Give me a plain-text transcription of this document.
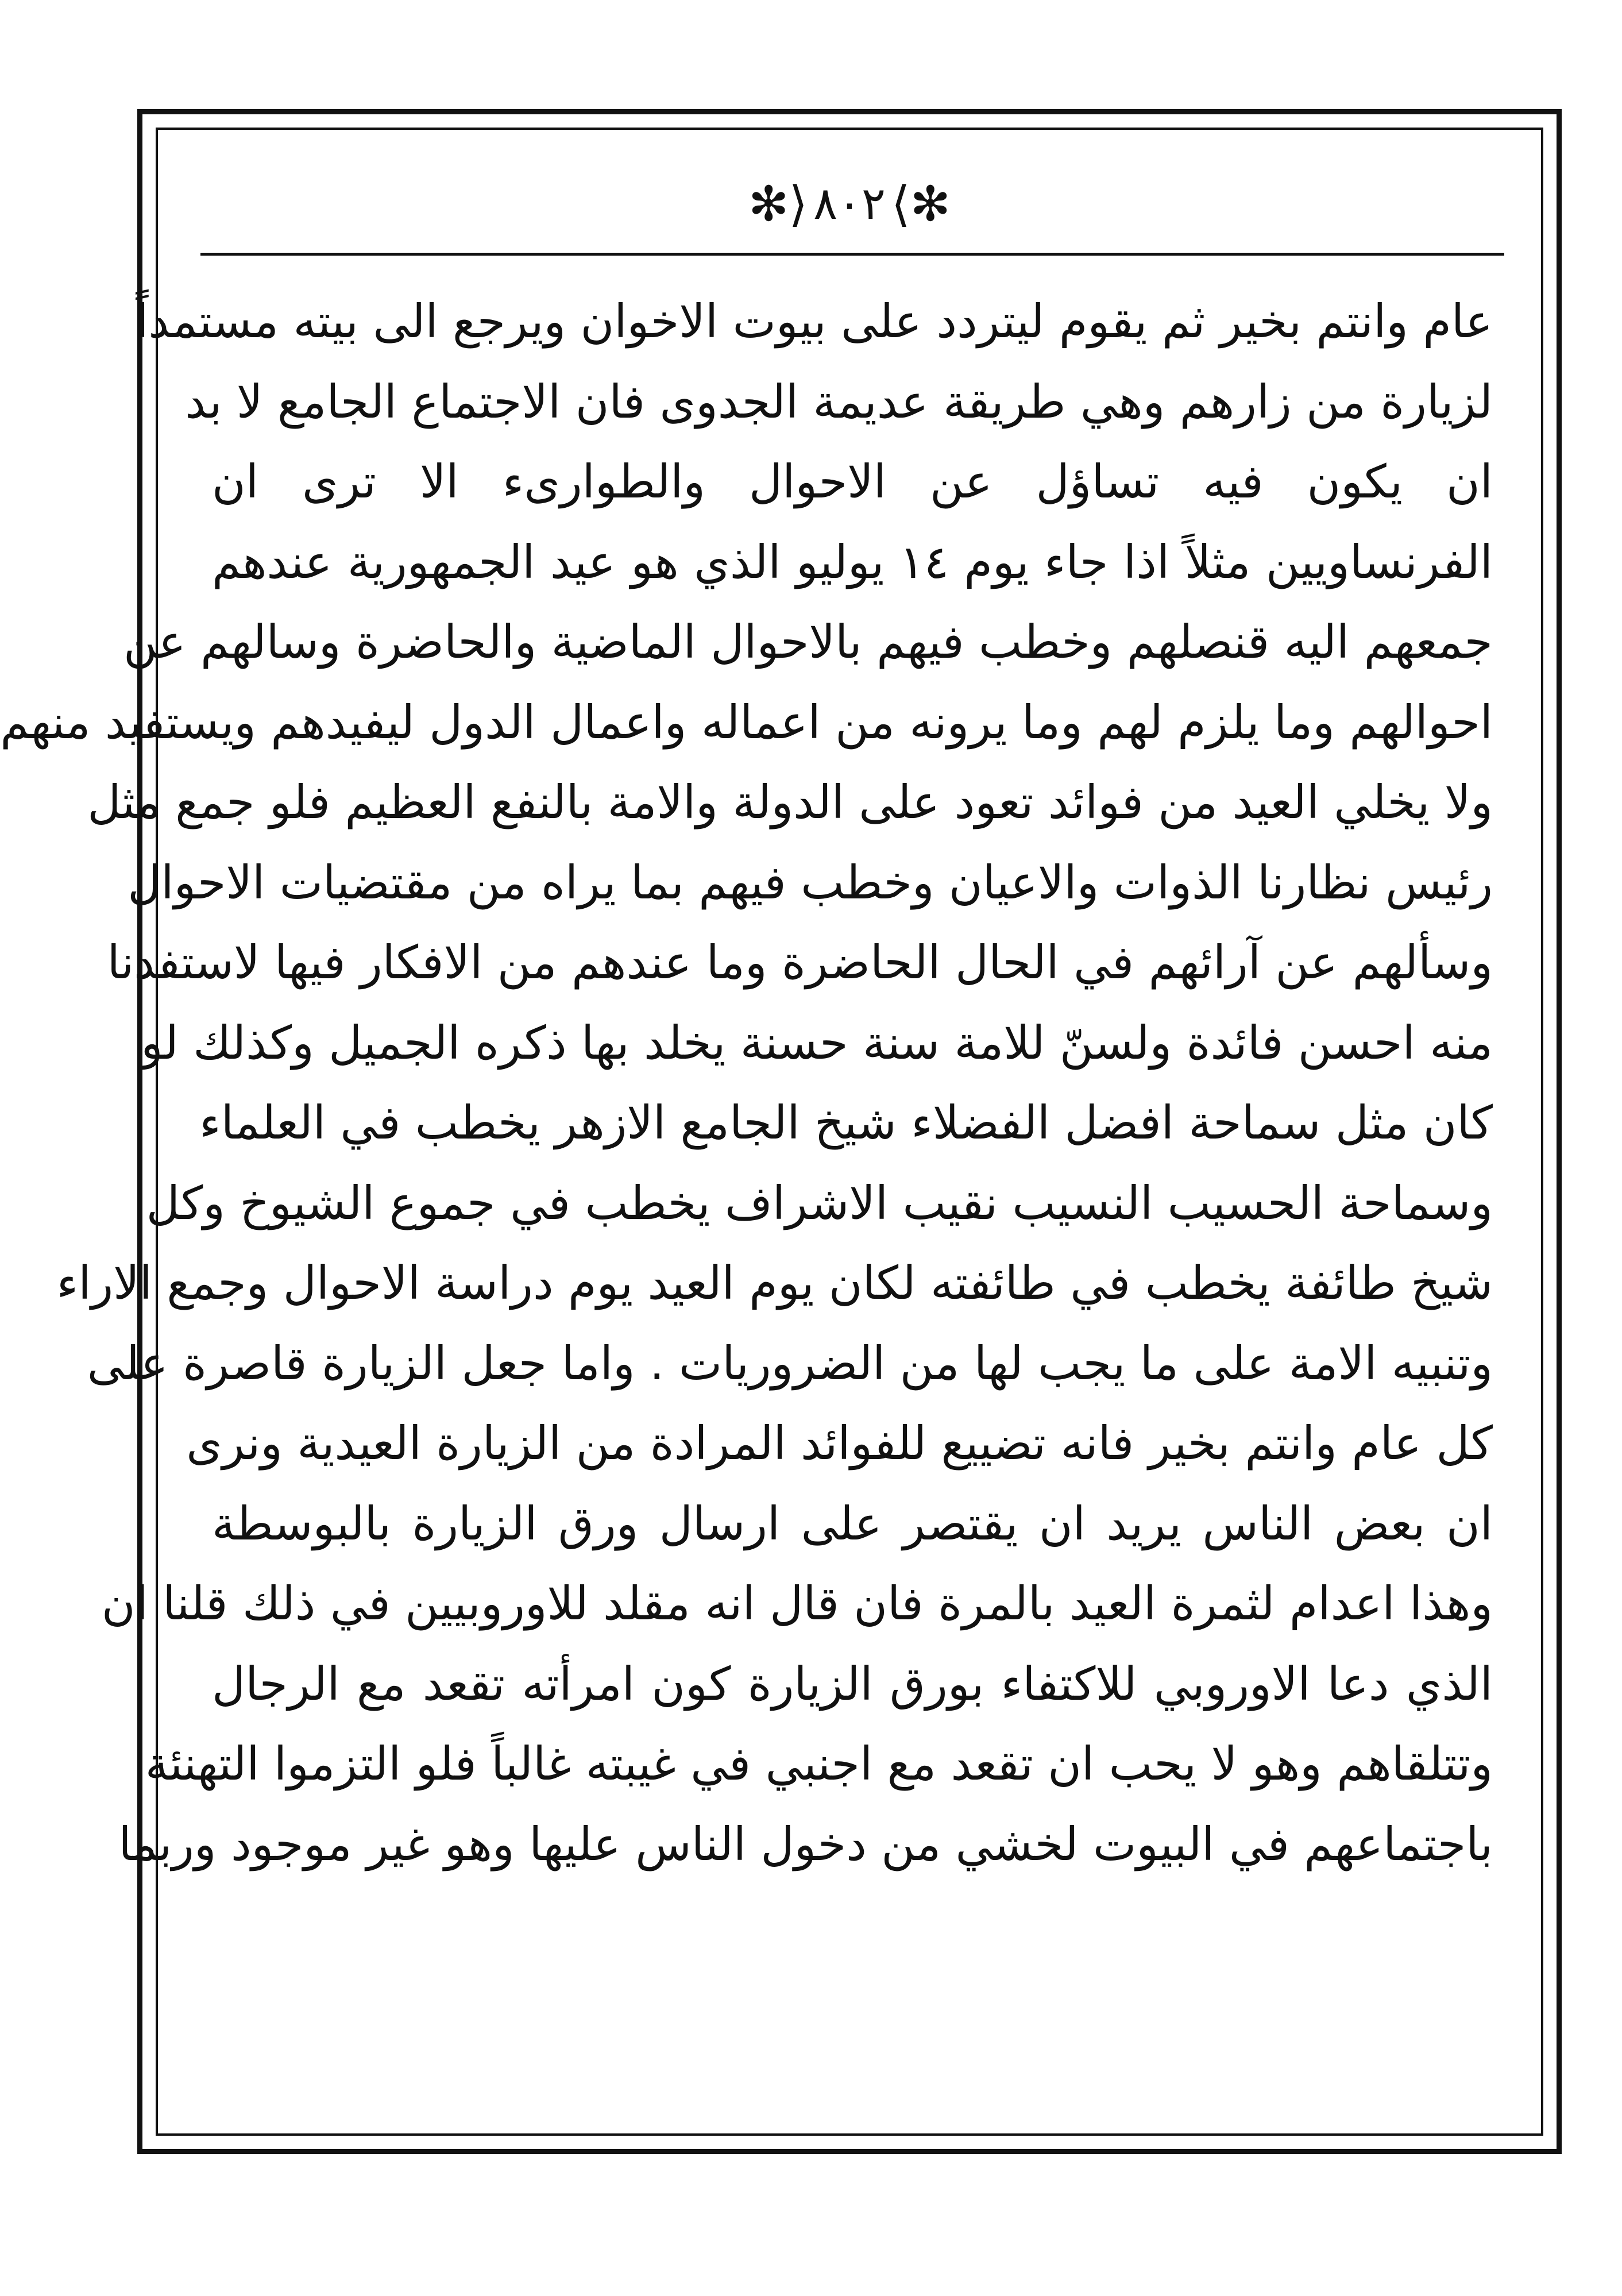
✻⟩ ٨٠٢ ⟨✻
عام وانتم بخير ثم يقوم ليتردد على بيوت الاخوان ويرجع الى بيته مستمداً
لزيارة من زارهم وهي طريقة عديمة الجدوى فان الاجتماع الجامع لا بد
ان يكون فيه تساؤل عن الاحوال والطوارىء الا ترى ان
الفرنساويين مثلاً اذا جاء يوم ١٤ يوليو الذي هو عيد الجمهورية عندهم
جمعهم اليه قنصلهم وخطب فيهم بالاحوال الماضية والحاضرة وسالهم عن
احوالهم وما يلزم لهم وما يرونه من اعماله واعمال الدول ليفيدهم ويستفيد منهم
ولا يخلي العيد من فوائد تعود على الدولة والامة بالنفع العظيم فلو جمع مثل
رئيس نظارنا الذوات والاعيان وخطب فيهم بما يراه من مقتضيات الاحوال
وسألهم عن آرائهم في الحال الحاضرة وما عندهم من الافكار فيها لاستفدنا
منه احسن فائدة ولسنّ للامة سنة حسنة يخلد بها ذكره الجميل وكذلك لو
كان مثل سماحة افضل الفضلاء شيخ الجامع الازهر يخطب في العلماء
وسماحة الحسيب النسيب نقيب الاشراف يخطب في جموع الشيوخ وكل
شيخ طائفة يخطب في طائفته لكان يوم العيد يوم دراسة الاحوال وجمع الاراء
وتنبيه الامة على ما يجب لها من الضروريات . واما جعل الزيارة قاصرة على
كل عام وانتم بخير فانه تضييع للفوائد المرادة من الزيارة العيدية ونرى
ان بعض الناس يريد ان يقتصر على ارسال ورق الزيارة بالبوسطة
وهذا اعدام لثمرة العيد بالمرة فان قال انه مقلد للاوروبيين في ذلك قلنا ان
الذي دعا الاوروبي للاكتفاء بورق الزيارة كون امرأته تقعد مع الرجال
وتتلقاهم وهو لا يحب ان تقعد مع اجنبي في غيبته غالباً فلو التزموا التهنئة
باجتماعهم في البيوت لخشي من دخول الناس عليها وهو غير موجود وربما
